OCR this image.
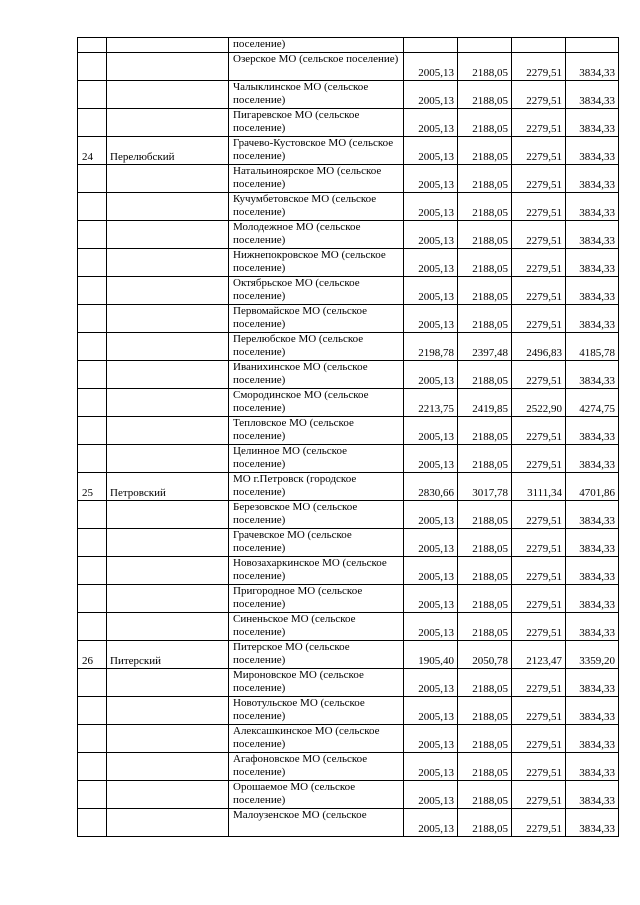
		поселение)				
		Озерское МО (сельское поселение)	2005,13	2188,05	2279,51	3834,33
		Чалыклинское МО (сельское поселение)	2005,13	2188,05	2279,51	3834,33
		Пигаревское МО (сельское поселение)	2005,13	2188,05	2279,51	3834,33
24	Перелюбский	Грачево-Кустовское МО (сельское поселение)	2005,13	2188,05	2279,51	3834,33
		Натальиноярское МО (сельское поселение)	2005,13	2188,05	2279,51	3834,33
		Кучумбетовское МО (сельское поселение)	2005,13	2188,05	2279,51	3834,33
		Молодежное МО (сельское поселение)	2005,13	2188,05	2279,51	3834,33
		Нижнепокровское МО (сельское поселение)	2005,13	2188,05	2279,51	3834,33
		Октябрьское МО (сельское поселение)	2005,13	2188,05	2279,51	3834,33
		Первомайское МО (сельское поселение)	2005,13	2188,05	2279,51	3834,33
		Перелюбское МО (сельское поселение)	2198,78	2397,48	2496,83	4185,78
		Иванихинское МО (сельское поселение)	2005,13	2188,05	2279,51	3834,33
		Смородинское МО (сельское поселение)	2213,75	2419,85	2522,90	4274,75
		Тепловское МО (сельское поселение)	2005,13	2188,05	2279,51	3834,33
		Целинное МО (сельское поселение)	2005,13	2188,05	2279,51	3834,33
25	Петровский	МО г.Петровск (городское поселение)	2830,66	3017,78	3111,34	4701,86
		Березовское МО (сельское поселение)	2005,13	2188,05	2279,51	3834,33
		Грачевское МО (сельское поселение)	2005,13	2188,05	2279,51	3834,33
		Новозахаркинское МО (сельское поселение)	2005,13	2188,05	2279,51	3834,33
		Пригородное МО (сельское поселение)	2005,13	2188,05	2279,51	3834,33
		Синеньское МО (сельское поселение)	2005,13	2188,05	2279,51	3834,33
26	Питерский	Питерское МО (сельское поселение)	1905,40	2050,78	2123,47	3359,20
		Мироновское МО (сельское поселение)	2005,13	2188,05	2279,51	3834,33
		Новотульское МО (сельское поселение)	2005,13	2188,05	2279,51	3834,33
		Алексашкинское МО (сельское поселение)	2005,13	2188,05	2279,51	3834,33
		Агафоновское МО (сельское поселение)	2005,13	2188,05	2279,51	3834,33
		Орошаемое МО (сельское поселение)	2005,13	2188,05	2279,51	3834,33
		Малоузенское МО (сельское	2005,13	2188,05	2279,51	3834,33
